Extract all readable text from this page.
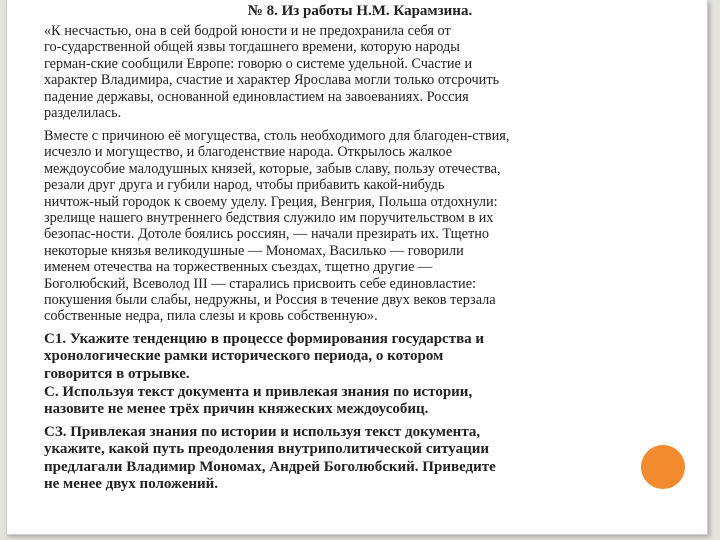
№ 8. Из работы Н.М. Карамзина.

«К несчастью, она в сей бодрой юности и не предохранила себя от
го-сударственной общей язвы тогдашнего времени, которую народы
герман-ские сообщили Европе: говорю о системе удельной. Счастие и
характер Владимира, счастие и характер Ярослава могли только отсрочить
падение державы, основанной единовластием на завоеваниях. Россия
разделилась.

Вместе с причиною её могущества, столь необходимого для благоден-ствия,
исчезло и могущество, и благоденствие народа. Открылось жалкое
междоусобие малодушных князей, которые, забыв славу, пользу отечества,
резали друг друга и губили народ, чтобы прибавить какой-нибудь
ничтож-ный городок к своему уделу. Греция, Венгрия, Польша отдохнули:
зрелище нашего внутреннего бедствия служило им поручительством в их
безопас-ности. Дотоле боялись россиян, — начали презирать их. Тщетно
некоторые князья великодушные — Мономах, Василько — говорили
именем отечества на торжественных съездах, тщетно другие —
Боголюбский, Всеволод III — старались присвоить себе единовластие:
покушения были слабы, недружны, и Россия в течение двух веков терзала
собственные недра, пила слезы и кровь собственную».

С1. Укажите тенденцию в процессе формирования государства и
хронологические рамки исторического периода, о котором
говорится в отрывке.

С. Используя текст документа и привлекая знания по истории,
назовите не менее трёх причин княжеских междоусобиц.

СЗ. Привлекая знания по истории и используя текст документа,
укажите, какой путь преодоления внутриполитической ситуации
предлагали Владимир Мономах, Андрей Боголюбский. Приведите
не менее двух положений.
